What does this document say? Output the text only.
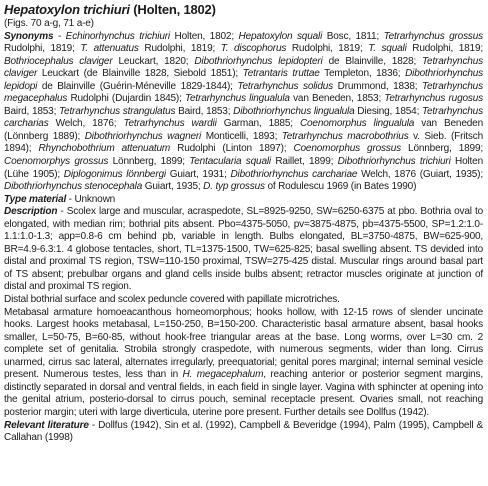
Hepatoxylon trichiuri (Holten, 1802)

(Figs. 70 a-g, 71 a-e)

Synonyms - Echinorhynchus trichiuri Holten, 1802; Hepatoxylon squali Bosc, 1811; Tetrarhynchus grossus Rudolphi, 1819; T. attenuatus Rudolphi, 1819; T. discophorus Rudolphi, 1819; T. squali Rudolphi, 1819; Bothriocephalus claviger Leuckart, 1820; Dibothriorhynchus lepidopteri de Blainville, 1828; Tetrarhynchus claviger Leuckart (de Blainville 1828, Siebold 1851); Tetrantaris truttae Templeton, 1836; Dibothriorhynchus lepidopi de Blainville (Guérin-Méneville 1829-1844); Tetrarhynchus solidus Drummond, 1838; Tetrarhynchus megacephalus Rudolphi (Dujardin 1845); Tetrarhynchus lingualula van Beneden, 1853; Tetrarhynchus rugosus Baird, 1853; Tetrarhynchus strangulatus Baird, 1853; Dibothriorhynchus lingualula Diesing, 1854; Tetrarhynchus carcharias Welch, 1876; Tetrarhynchus wardii Garman, 1885; Coenomorphus lingualula van Beneden (Lönnberg 1889); Dibothriorhynchus wagneri Monticelli, 1893; Tetrarhynchus macrobothrius v. Sieb. (Fritsch 1894); Rhynchobothrium attenuatum Rudolphi (Linton 1897); Coenomorphus grossus Lönnberg, 1899; Coenomorphys grossus Lönnberg, 1899; Tentacularia squali Raillet, 1899; Dibothriorhynchus trichiuri Holten (Lühe 1905); Diplogonimus lönnbergi Guiart, 1931; Dibothriorhynchus carchariae Welch, 1876 (Guiart, 1935); Dibothriorhynchus stenocephala Guiart, 1935; D. typ grossus of Rodulescu 1969 (in Bates 1990)

Type material - Unknown

Description - Scolex large and muscular, acraspedote, SL=8925-9250, SW=6250-6375 at pbo. Bothria oval to elongated, with median rim; bothrial pits absent. Pbo=4375-5050, pv=3875-4875, pb=4375-5500, SP=1.2:1.0-1.1:1.0-1.3; app=0.8-6 cm behind pb, variable in length. Bulbs elongated, BL=3750-4875, BW=625-900, BR=4.9-6.3:1. 4 globose tentacles, short, TL=1375-1500, TW=625-825; basal swelling absent. TS devided into distal and proximal TS region, TSW=110-150 proximal, TSW=275-425 distal. Muscular rings around basal part of TS absent; prebulbar organs and gland cells inside bulbs absent; retractor muscles originate at junction of distal and proximal TS region.

Distal bothrial surface and scolex peduncle covered with papillate microtriches.

Metabasal armature homoeacanthous homeomorphous; hooks hollow, with 12-15 rows of slender uncinate hooks. Largest hooks metabasal, L=150-250, B=150-200. Characteristic basal armature absent, basal hooks smaller, L=50-75, B=60-85, without hook-free triangular areas at the base. Long worms, over L=30 cm. 2 complete set of genitalia. Strobila strongly craspedote, with numerous segments, wider than long. Cirrus unarmed, cirrus sac lateral, alternates irregularly, preequatorial; genital pores marginal; internal seminal vesicle present. Numerous testes, less than in H. megacephalum, reaching anterior or posterior segment margins, distinctly separated in dorsal and ventral fields, in each field in single layer. Vagina with sphincter at opening into the genital atrium, posterio-dorsal to cirrus pouch, seminal receptacle present. Ovaries small, not reaching posterior margin; uteri with large diverticula, uterine pore present. Further details see Dollfus (1942).

Relevant literature - Dollfus (1942), Sin et al. (1992), Campbell & Beveridge (1994), Palm (1995), Campbell & Callahan (1998)
